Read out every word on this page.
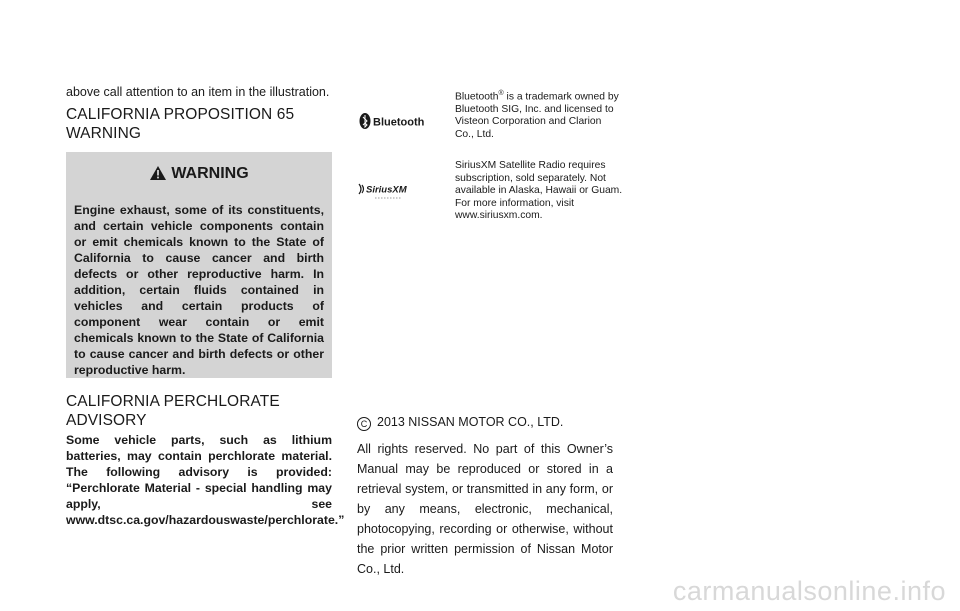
above call attention to an item in the illustration.

CALIFORNIA PROPOSITION 65 WARNING
WARNING
Engine exhaust, some of its constituents, and certain vehicle components contain or emit chemicals known to the State of California to cause cancer and birth defects or other reproductive harm. In addition, certain fluids contained in vehicles and certain products of component wear contain or emit chemicals known to the State of California to cause cancer and birth defects or other reproductive harm.
CALIFORNIA PERCHLORATE ADVISORY
Some vehicle parts, such as lithium batteries, may contain perchlorate material. The following advisory is provided: “Perchlorate Material - special handling may apply, see www.dtsc.ca.gov/hazardouswaste/perchlorate.”
Bluetooth
Bluetooth® is a trademark owned by Bluetooth SIG, Inc. and licensed to Visteon Corporation and Clarion Co., Ltd.
SiriusXM
SiriusXM Satellite Radio requires subscription, sold separately. Not available in Alaska, Hawaii or Guam. For more information, visit www.siriusxm.com.
C 2013 NISSAN MOTOR CO., LTD.
All rights reserved. No part of this Owner’s Manual may be reproduced or stored in a retrieval system, or transmitted in any form, or by any means, electronic, mechanical, photocopying, recording or otherwise, without the prior written permission of Nissan Motor Co., Ltd.
carmanualsonline.info
